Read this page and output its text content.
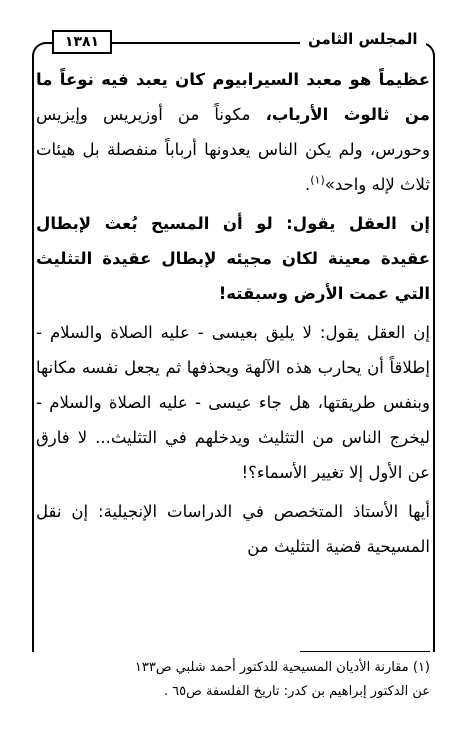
المجلس الثامن
١٣٨١

عظيماً هو معبد السيرابيوم كان يعبد فيه نوعاً ما من ثالوث الأرباب، مكوناً من أوزيريس وإيزيس وحورس، ولم يكن الناس يعدونها أرباباً منفصلة بل هيئات ثلاث لإله واحد»$^{(١)}$.

إن العقل يقول: لو أن المسيح بُعث لإبطال عقيدة معينة لكان مجيئه لإبطال عقيدة التثليث التي عمت الأرض وسبقته!

إن العقل يقول: لا يليق بعيسى - عليه الصلاة والسلام - إطلاقاً أن يحارب هذه الآلهة ويحذفها ثم يجعل نفسه مكانها وبنفس طريقتها، هل جاء عيسى - عليه الصلاة والسلام - ليخرج الناس من التثليث ويدخلهم في التثليث... لا فارق عن الأول إلا تغيير الأسماء؟!

أيها الأستاذ المتخصص في الدراسات الإنجيلية: إن نقل المسيحية قضية التثليث من

(١) مقارنة الأديان المسيحية للدكتور أحمد شلبي ص١٣٣
عن الدكتور إبراهيم بن كدر: تاريخ الفلسفة ص٦٥ .
